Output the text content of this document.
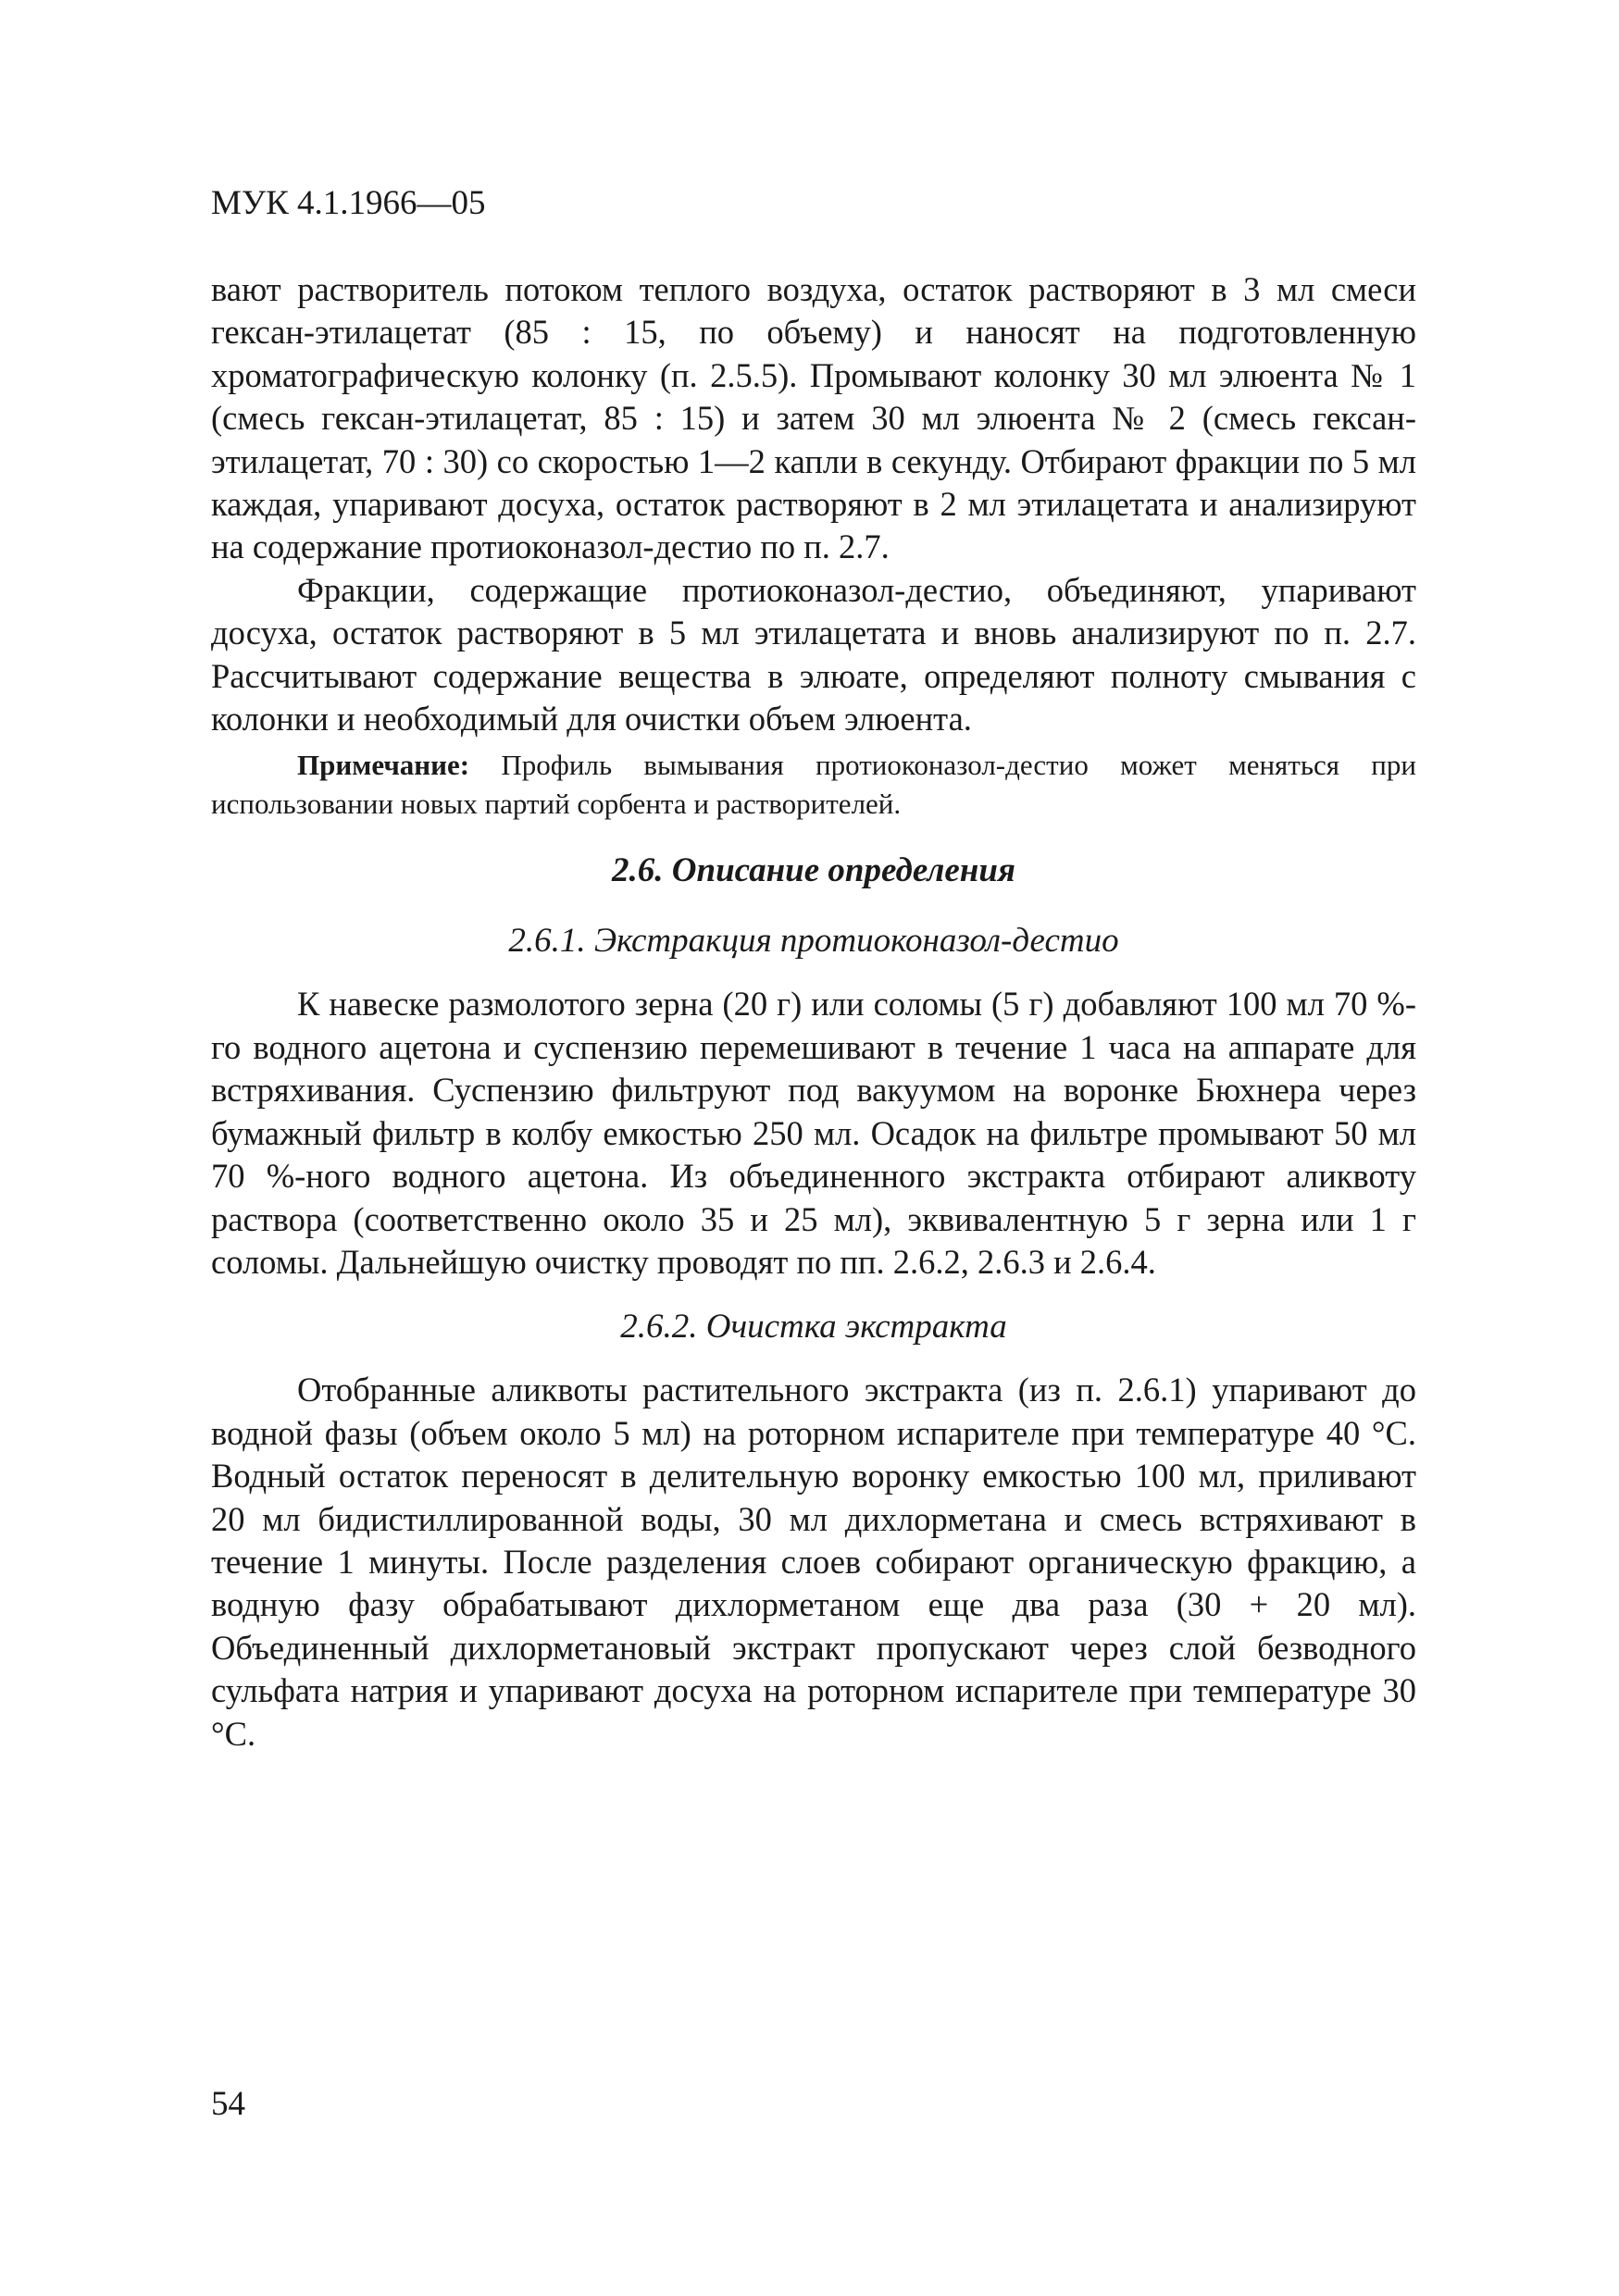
МУК 4.1.1966—05

вают растворитель потоком теплого воздуха, остаток растворяют в 3 мл смеси гексан-этилацетат (85 : 15, по объему) и наносят на подготовленную хроматографическую колонку (п. 2.5.5). Промывают колонку 30 мл элюента № 1 (смесь гексан-этилацетат, 85 : 15) и затем 30 мл элюента № 2 (смесь гексан-этилацетат, 70 : 30) со скоростью 1—2 капли в секунду. Отбирают фракции по 5 мл каждая, упаривают досуха, остаток растворяют в 2 мл этилацетата и анализируют на содержание протиоконазол-дестио по п. 2.7.

Фракции, содержащие протиоконазол-дестио, объединяют, упаривают досуха, остаток растворяют в 5 мл этилацетата и вновь анализируют по п. 2.7. Рассчитывают содержание вещества в элюате, определяют полноту смывания с колонки и необходимый для очистки объем элюента.

Примечание: Профиль вымывания протиоконазол-дестио может меняться при использовании новых партий сорбента и растворителей.

2.6. Описание определения
2.6.1. Экстракция протиоконазол-дестио

К навеске размолотого зерна (20 г) или соломы (5 г) добавляют 100 мл 70 %-го водного ацетона и суспензию перемешивают в течение 1 часа на аппарате для встряхивания. Суспензию фильтруют под вакуумом на воронке Бюхнера через бумажный фильтр в колбу емкостью 250 мл. Осадок на фильтре промывают 50 мл 70 %-ного водного ацетона. Из объединенного экстракта отбирают аликвоту раствора (соответственно около 35 и 25 мл), эквивалентную 5 г зерна или 1 г соломы. Дальнейшую очистку проводят по пп. 2.6.2, 2.6.3 и 2.6.4.

2.6.2. Очистка экстракта

Отобранные аликвоты растительного экстракта (из п. 2.6.1) упаривают до водной фазы (объем около 5 мл) на роторном испарителе при температуре 40 °С. Водный остаток переносят в делительную воронку емкостью 100 мл, приливают 20 мл бидистиллированной воды, 30 мл дихлорметана и смесь встряхивают в течение 1 минуты. После разделения слоев собирают органическую фракцию, а водную фазу обрабатывают дихлорметаном еще два раза (30 + 20 мл). Объединенный дихлорметановый экстракт пропускают через слой безводного сульфата натрия и упаривают досуха на роторном испарителе при температуре 30 °С.

54
